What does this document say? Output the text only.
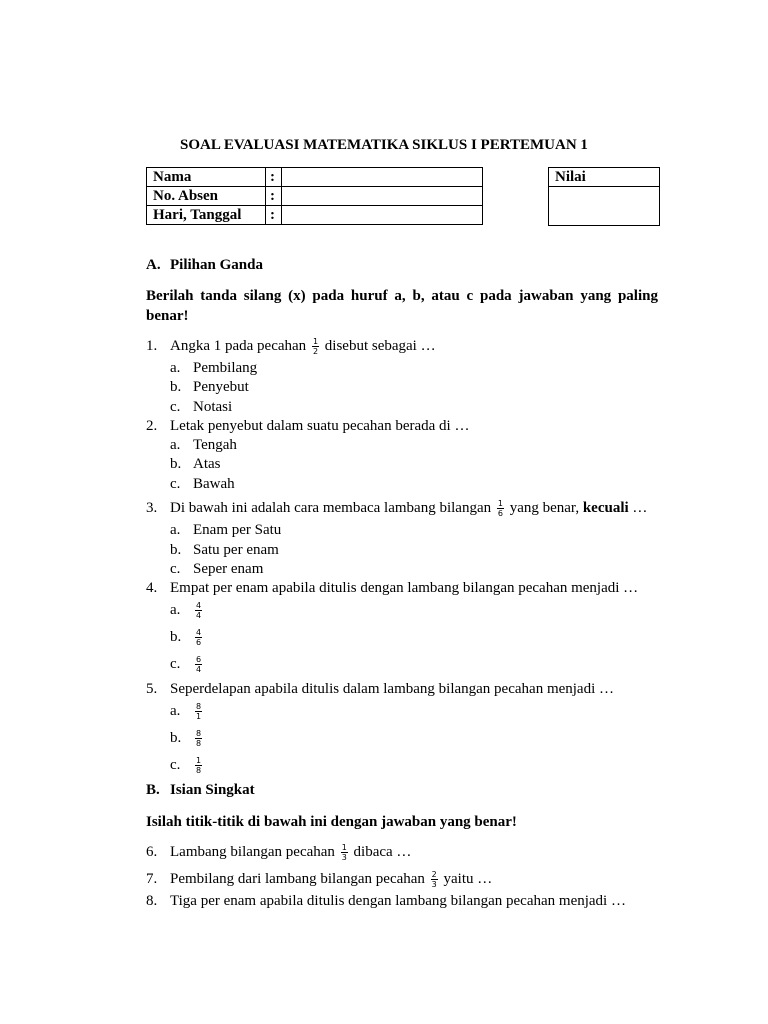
SOAL EVALUASI MATEMATIKA SIKLUS I PERTEMUAN 1
Nama	:	
No. Absen	:	
Hari, Tanggal	:	
Nilai

A. Pilihan Ganda
Berilah tanda silang (x) pada huruf a, b, atau c pada jawaban yang paling benar!
1. Angka 1 pada pecahan $\frac{1}{2}$ disebut sebagai …
a. Pembilang
b. Penyebut
c. Notasi
2. Letak penyebut dalam suatu pecahan berada di …
a. Tengah
b. Atas
c. Bawah
3. Di bawah ini adalah cara membaca lambang bilangan $\frac{1}{6}$ yang benar, kecuali …
a. Enam per Satu
b. Satu per enam
c. Seper enam
4. Empat per enam apabila ditulis dengan lambang bilangan pecahan menjadi …
a. $\frac{4}{4}$
b. $\frac{4}{6}$
c. $\frac{6}{4}$
5. Seperdelapan apabila ditulis dalam lambang bilangan pecahan menjadi …
a. $\frac{8}{1}$
b. $\frac{8}{8}$
c. $\frac{1}{8}$
B. Isian Singkat
Isilah titik-titik di bawah ini dengan jawaban yang benar!
6. Lambang bilangan pecahan $\frac{1}{3}$ dibaca …
7. Pembilang dari lambang bilangan pecahan $\frac{2}{3}$ yaitu …
8. Tiga per enam apabila ditulis dengan lambang bilangan pecahan menjadi …
